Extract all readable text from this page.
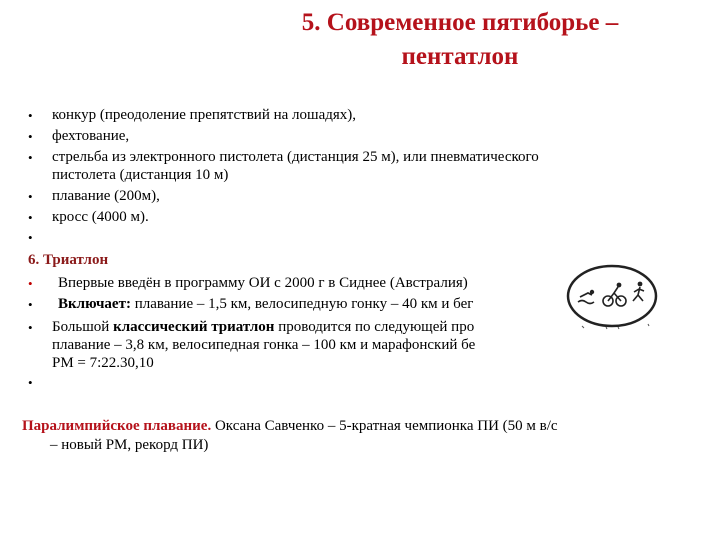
5. Современное пятиборье –

пентатлон
• конкур (преодоление препятствий на лошадях),
• фехтование,
• стрельба из электронного пистолета (дистанция 25 м), или пневматического
пистолета (дистанция 10 м)
• плавание (200м),
• кросс (4000 м).
•
6. Триатлон
• Впервые введён в программу ОИ с 2000 г в Сиднее (Австралия)
• Включает: плавание – 1,5 км, велосипедную гонку – 40 км и бег
• Большой классический триатлон проводится по следующей про
плавание – 3,8 км, велосипедная гонка – 100 км и марафонский бе
РМ = 7:22.30,10
•
Паралимпийское плавание. Оксана Савченко – 5-кратная чемпионка ПИ (50 м в/с
– новый РМ, рекорд ПИ)
